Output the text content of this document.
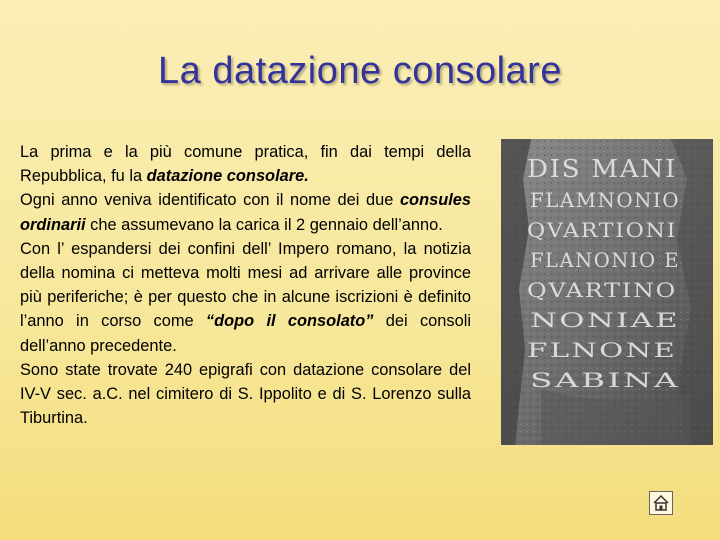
La datazione consolare

La prima e la più comune pratica, fin dai tempi della Repubblica, fu la datazione consolare.

Ogni anno veniva identificato con il nome dei due consules ordinarii che assumevano la carica il 2 gennaio dell’anno.

Con l’ espandersi dei confini dell’ Impero romano, la notizia della nomina ci metteva molti mesi ad arrivare alle province più periferiche; è per questo che in alcune iscrizioni è definito l’anno in corso come “dopo il consolato” dei consoli dell’anno precedente.

Sono state trovate 240 epigrafi con datazione consolare del IV-V sec. a.C. nel cimitero di S. Ippolito e di S. Lorenzo sulla Tiburtina.

DIS MANI
FLAMNONIO
QVARTIONI
FLANONIO E
QVARTINO
NONIAE
FLNONE
SABINA
